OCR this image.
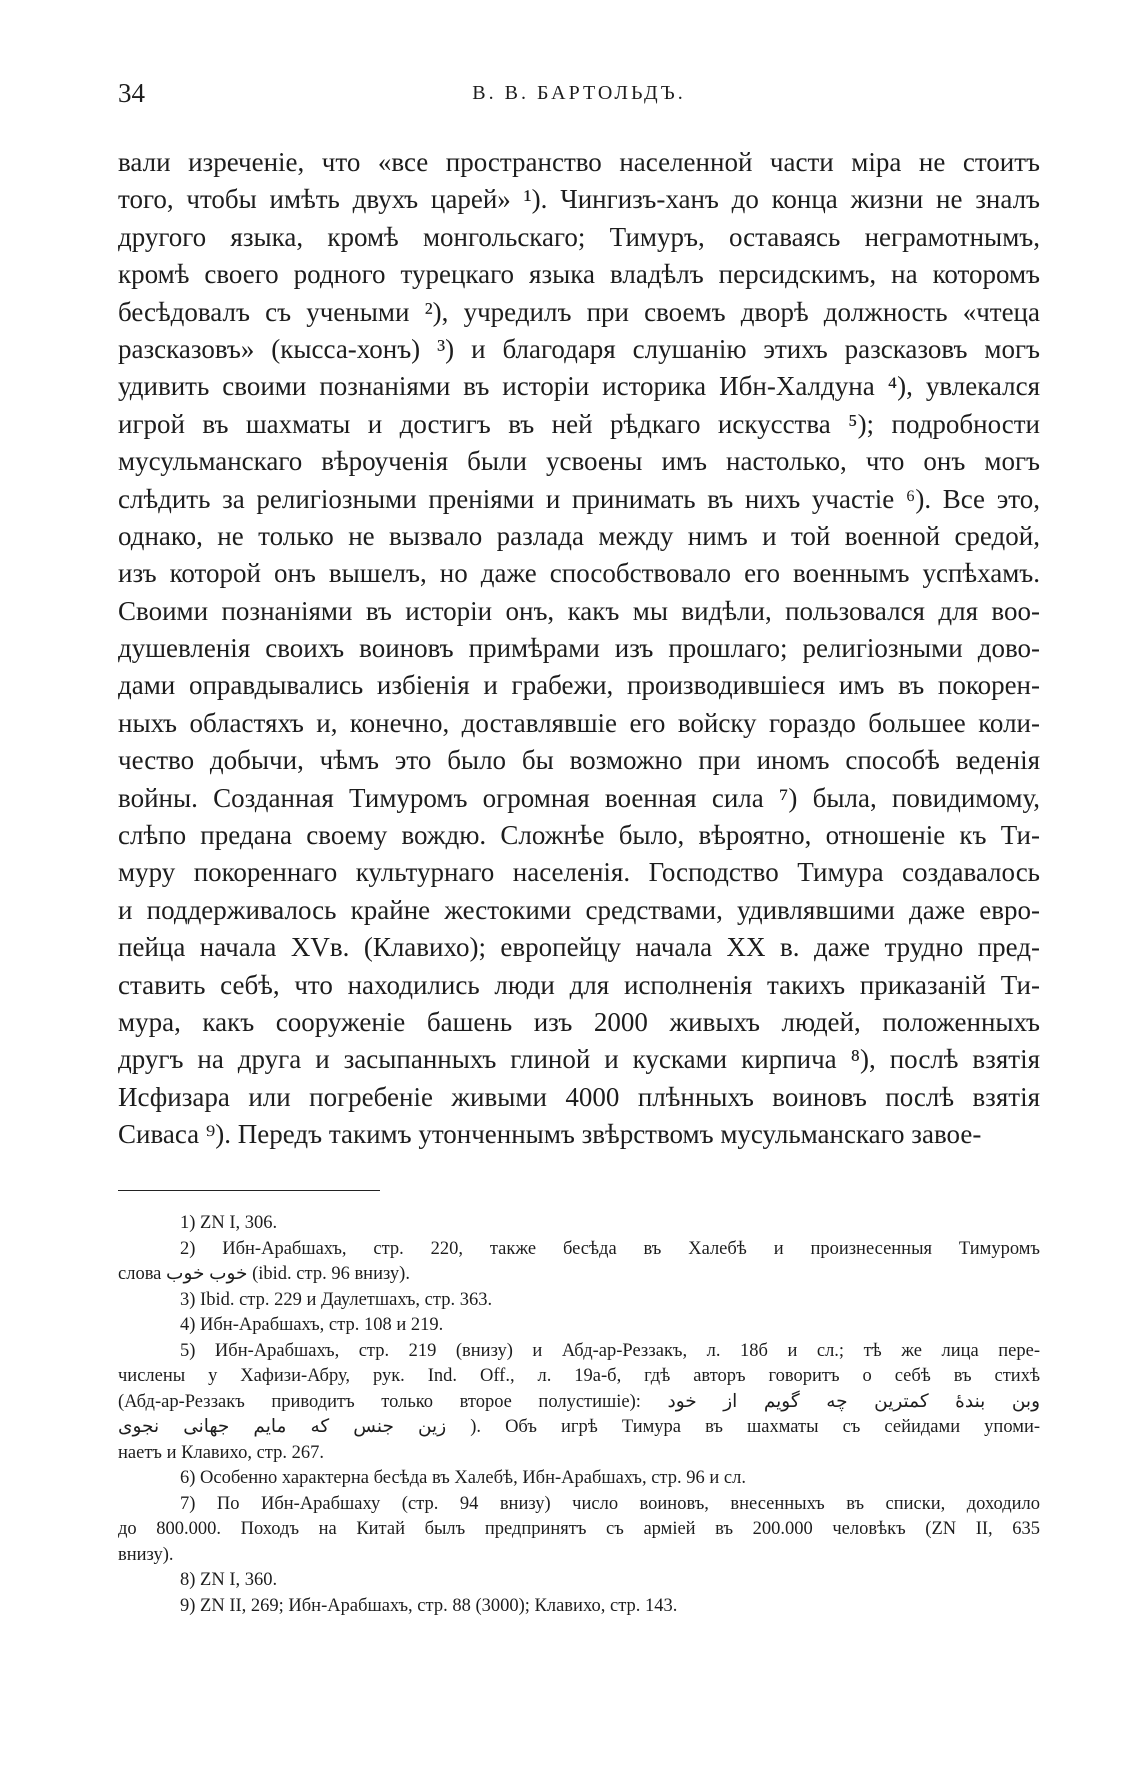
34	В. В. БАРТОЛЬДЪ.
вали изреченіе, что «все пространство населенной части міра не стоитъ
того, чтобы имѣть двухъ царей» ¹). Чингизъ-ханъ до конца жизни не зналъ
другого языка, кромѣ монгольскаго; Тимуръ, оставаясь неграмотнымъ,
кромѣ своего родного турецкаго языка владѣлъ персидскимъ, на которомъ
бесѣдовалъ съ учеными ²), учредилъ при своемъ дворѣ должность «чтеца
разсказовъ» (кысса-хонъ) ³) и благодаря слушанію этихъ разсказовъ могъ
удивить своими познаніями въ исторіи историка Ибн-Халдуна ⁴), увлекался
игрой въ шахматы и достигъ въ ней рѣдкаго искусства ⁵); подробности
мусульманскаго вѣроученія были усвоены имъ настолько, что онъ могъ
слѣдить за религіозными преніями и принимать въ нихъ участіе ⁶). Все это,
однако, не только не вызвало разлада между нимъ и той военной средой,
изъ которой онъ вышелъ, но даже способствовало его военнымъ успѣхамъ.
Своими познаніями въ исторіи онъ, какъ мы видѣли, пользовался для воо-
душевленія своихъ воиновъ примѣрами изъ прошлаго; религіозными дово-
дами оправдывались избіенія и грабежи, производившіеся имъ въ покорен-
ныхъ областяхъ и, конечно, доставлявшіе его войску гораздо большее коли-
чество добычи, чѣмъ это было бы возможно при иномъ способѣ веденія
войны. Созданная Тимуромъ огромная военная сила ⁷) была, повидимому,
слѣпо предана своему вождю. Сложнѣе было, вѣроятно, отношеніе къ Ти-
муру покореннаго культурнаго населенія. Господство Тимура создавалось
и поддерживалось крайне жестокими средствами, удивлявшими даже евро-
пейца начала XVв. (Клавихо); европейцу начала XX в. даже трудно пред-
ставить себѣ, что находились люди для исполненія такихъ приказаній Ти-
мура, какъ сооруженіе башень изъ 2000 живыхъ людей, положенныхъ
другъ на друга и засыпанныхъ глиной и кусками кирпича ⁸), послѣ взятія
Исфизара или погребеніе живыми 4000 плѣнныхъ воиновъ послѣ взятія
Сиваса ⁹). Передъ такимъ утонченнымъ звѣрствомъ мусульманскаго завое-
1) ZN I, 306.
2) Ибн-Арабшахъ, стр. 220, также бесѣда въ Халебѣ и произнесенныя Тимуромъ
слова خوب خوب (ibid. стр. 96 внизу).
3) Ibid. стр. 229 и Даулетшахъ, стр. 363.
4) Ибн-Арабшахъ, стр. 108 и 219.
5) Ибн-Арабшахъ, стр. 219 (внизу) и Абд-ар-Реззакъ, л. 18б и сл.; тѣ же лица пере-
числены у Хафизи-Абру, рук. Ind. Off., л. 19а-б, гдѣ авторъ говоритъ о себѣ въ стихѣ
(Абд-ар-Реззакъ приводитъ только второе полустишіе): وبن بندهٔ کمترین چه گویم از خود
زین جنس که مایم جهانی نجوی ). Объ игрѣ Тимура въ шахматы съ сейидами упоми-
наетъ и Клавихо, стр. 267.
6) Особенно характерна бесѣда въ Халебѣ, Ибн-Арабшахъ, стр. 96 и сл.
7) По Ибн-Арабшаху (стр. 94 внизу) число воиновъ, внесенныхъ въ списки, доходило
до 800.000. Походъ на Китай былъ предпринятъ съ арміей въ 200.000 человѣкъ (ZN II, 635
внизу).
8) ZN I, 360.
9) ZN II, 269; Ибн-Арабшахъ, стр. 88 (3000); Клавихо, стр. 143.
